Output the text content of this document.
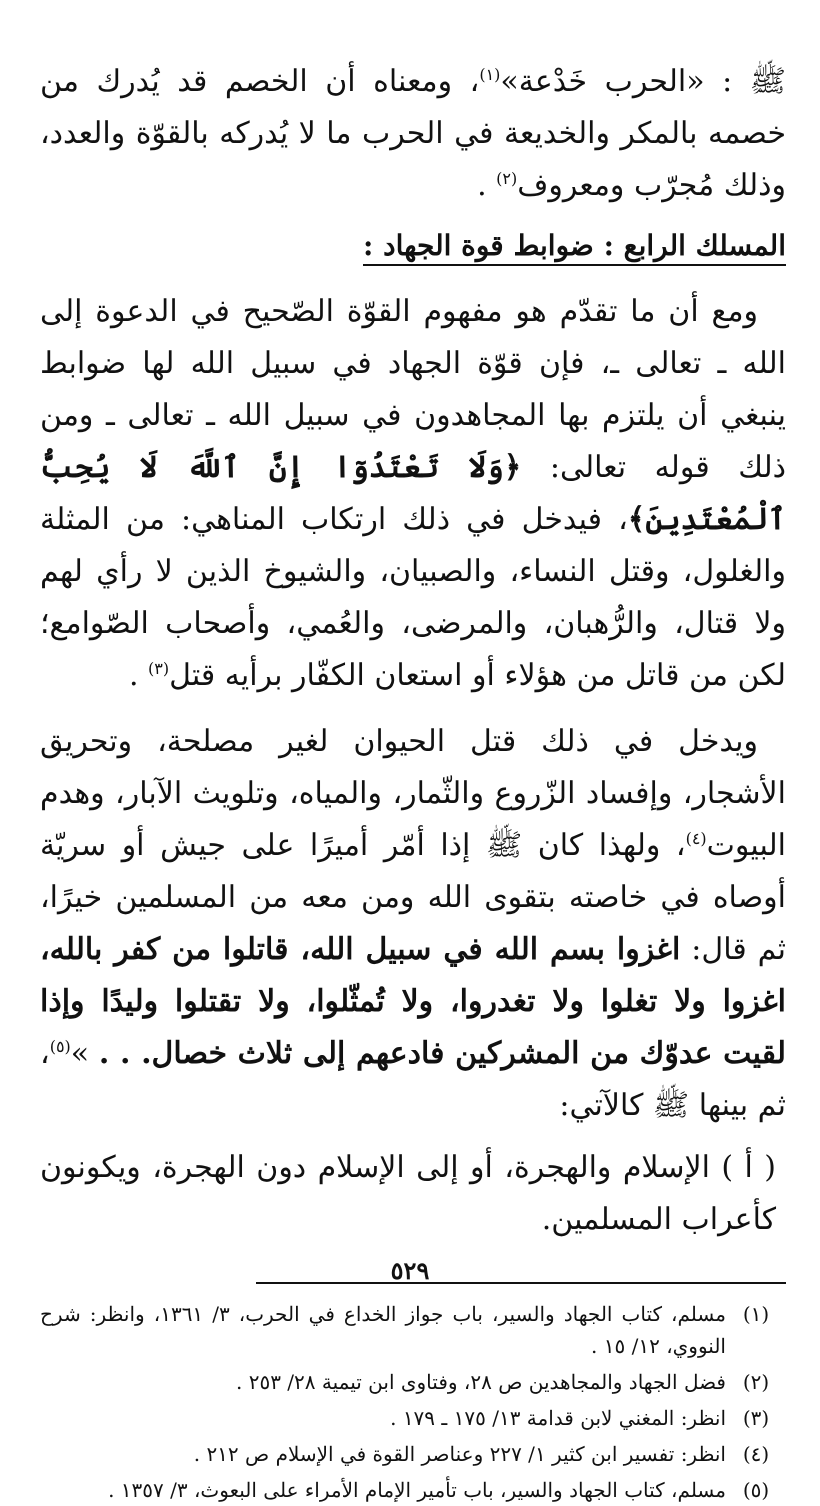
ﷺ : «الحرب خَدْعة»$^{(١)}$، ومعناه أن الخصم قد يُدرك من خصمه بالمكر والخديعة في الحرب ما لا يُدركه بالقوّة والعدد، وذلك مُجرّب ومعروف$^{(٢)}$ .

المسلك الرابع : ضوابط قوة الجهاد :

ومع أن ما تقدّم هو مفهوم القوّة الصّحيح في الدعوة إلى الله ـ تعالى ـ، فإن قوّة الجهاد في سبيل الله لها ضوابط ينبغي أن يلتزم بها المجاهدون في سبيل الله ـ تعالى ـ ومن ذلك قوله تعالى: ﴿وَلَا تَعْتَدُوٓا إِنَّ ٱللَّهَ لَا يُحِبُّ ٱلْمُعْتَدِينَ﴾، فيدخل في ذلك ارتكاب المناهي: من المثلة والغلول، وقتل النساء، والصبيان، والشيوخ الذين لا رأي لهم ولا قتال، والرُّهبان، والمرضى، والعُمي، وأصحاب الصّوامع؛ لكن من قاتل من هؤلاء أو استعان الكفّار برأيه قتل$^{(٣)}$ .

ويدخل في ذلك قتل الحيوان لغير مصلحة، وتحريق الأشجار، وإفساد الزّروع والثّمار، والمياه، وتلويث الآبار، وهدم البيوت$^{(٤)}$، ولهذا كان ﷺ إذا أمّر أميرًا على جيش أو سريّة أوصاه في خاصته بتقوى الله ومن معه من المسلمين خيرًا، ثم قال: اغزوا بسم الله في سبيل الله، قاتلوا من كفر بالله، اغزوا ولا تغلوا ولا تغدروا، ولا تُمثّلوا، ولا تقتلوا وليدًا وإذا لقيت عدوّك من المشركين فادعهم إلى ثلاث خصال. . . »$^{(٥)}$، ثم بينها ﷺ كالآتي:

( أ ) الإسلام والهجرة، أو إلى الإسلام دون الهجرة، ويكونون كأعراب المسلمين.

(١)
مسلم، كتاب الجهاد والسير، باب جواز الخداع في الحرب، ٣/ ١٣٦١، وانظر: شرح النووي، ١٢/ ١٥ .
(٢)
فضل الجهاد والمجاهدين ص ٢٨، وفتاوى ابن تيمية ٢٨/ ٢٥٣ .
(٣)
انظر: المغني لابن قدامة ١٣/ ١٧٥ ـ ١٧٩ .
(٤)
انظر: تفسير ابن كثير ١/ ٢٢٧ وعناصر القوة في الإسلام ص ٢١٢ .
(٥)
مسلم، كتاب الجهاد والسير، باب تأمير الإمام الأمراء على البعوث، ٣/ ١٣٥٧ .
٥٢٩
